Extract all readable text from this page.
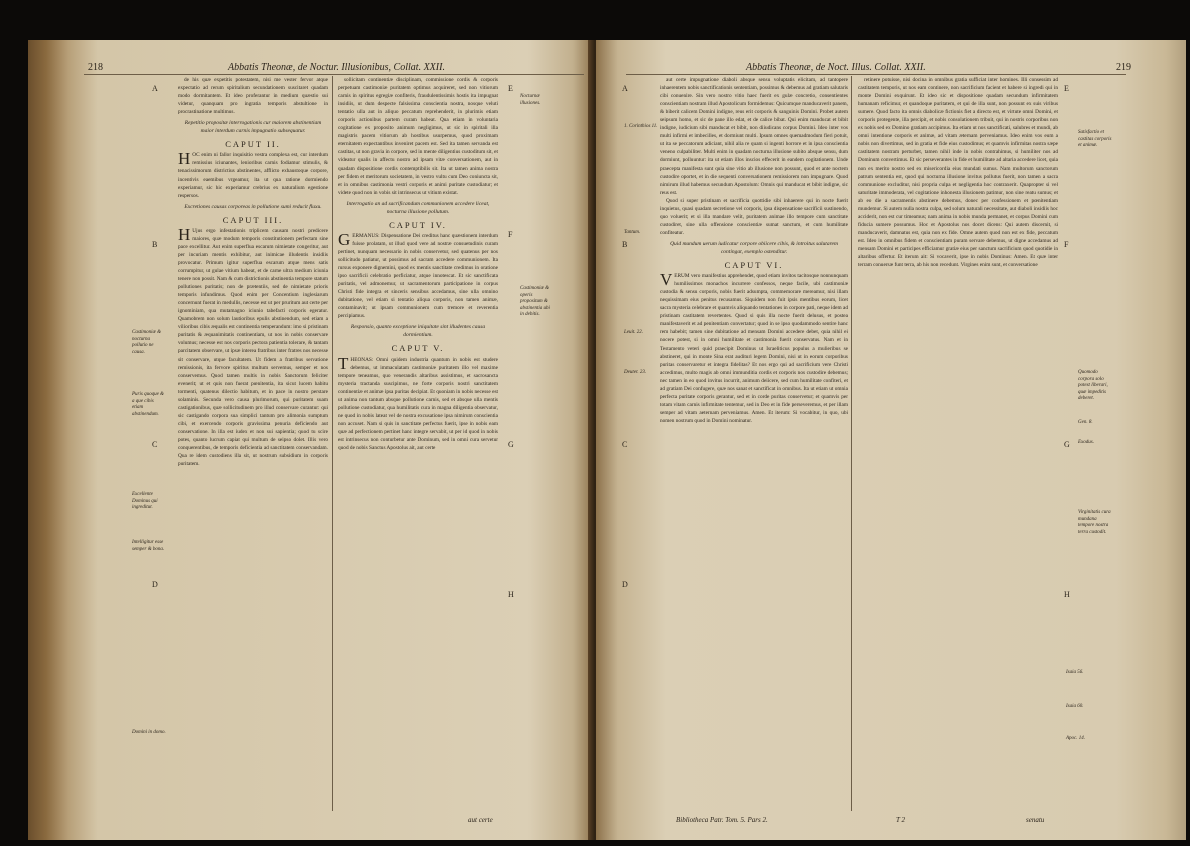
218	Abbatis Theonæ, de Noctur. Illusionibus, Collat. XXII.
A
B
C
D
Castimoniæ & nocturna pollutio ne causa.
Puris quoque & a que cibis etiam abstinendum.
Excellente Dominus qui ingreditur.
Intelligitur esse semper & bona.
Domini in domo.
de his quæ expetitis potestatem, nisi me vester fervor atque expectatio ad rerum spiritalium secundationem suscitaret quadam modo dormitantem. Et ideo proferantur in medium quæstio sui videtur, quanquam pro ingratia temporis abstultione in procrastinatione multimus.
Repetitio propositæ interrogationis cur maiorem abstinentiam maior interdum carnis impugnatio subsequatur.
CAPUT II.
HOC enim ni fallor inquisitio vestra complexa est, cur interdum remissius iciunantes, lenioribus carnis fodiamur stimulis, & tenacissimorum districtius abstinentes, afflicto exhaustoque corpore, incentivis eaemibus vrgeamur, ita ut qua ratione dormiendo experiamur, sic hic experiamur crebrius ex naturalium egestione respersos.
Excretiones causas corporeas in pollutione sumi reducit fluxu.
CAPUT III.
H Ujus ergo infestationis triplicem causam nostri predicere maiores, quæ modum temporis constitutionem perfectam sine pace excellitur. Aut enim superflua escarum nimietate congeritur, aut per incuriam mentis exhibitur, aut inimicae illudentis insidiis provocatur. Primum igitur superflua escarum atque mens satis corrumpitur, ut gulae vitium habeat, et de carne ultra medium iciunia tenere non possit. Nam & cum districtionis abstinentia tempore statum pollutiones puritatis; non de prætentiis, sed de nimietate prioris temporis infundimus. Quod enim per Concentium inglesiarum concernunt fuerat in medullis, necesse est ut per pruritum aut certe per ignominiam, qua mutamagno iciunio tabefacti corporis egeratur. Quamobrem non solum lautioribus epulis abstinendum, sed etiam a vilioribus cibis æqualis est continentia temperandum: imo si pristinam puritatis & æquanimitatis continentiam, ut nos in nobis conservare volumus; necesse est nos corporis pectora patientia tolerare, & tantam parcitatem observare, ut ipsæ interea fratribus inter fratres nos necesse sit conservare, utque facultatem. Ut fidem a fratribus servatione remissionis, ita fervore spiritus multum servemus, semper et nos conservemus. Quod tamen multis in nobis Sanctorum feliciter evenerit; ut et quis non fuerat pœnitentia, ita sicut lucem habitu tormenti, quatenus dilectio habitum, et in pace in nostro perstare solaminis. Secunda vero causa plurimorum, qui puritatem suam castigationibus, quæ sollicitudinem pro illud conservare curantur: qui sic castigando corpora sua simplici tantum pro alimonia sumptum cibi, et exercendo corporis gravissima penuria deficiendo aut conservatione. In illa est iudex et non sui sapientia; quod tu scire potes, quanto lucrum capiat qui multum de seipso dolet. Illis vero conquerentibus, de temporis deficientia ad sanctitatem conservandam. Qua re idem custodiens illa sit, ut nostrum subsidium in corporis puritatem.
sollicitam continentiæ disciplinam, commissione cordis & corporis perpetuam castimoniæ puritatem optimus acquireret, sed non vitiorum carnis in spiritus egregiæ confiteris, fraudulentissimis hostis ita impugnat insidiis, ut dum despecte falsissima conscientia nostra, nosque veluti tentatio ulla aut in aliquo peccatum reprehenderit, in plurimis etiam corporis actionibus partem curam habeat. Qua etiam in voluntaria cogitatione ex proposito animum negligimus, ut sic in spiritali illa magistris pacem vitiorum ab hostibus usurpemus, quod proximam eternitatem expectantibus inveniret pacem est. Sed ita tamen servanda est castitas, ut non gravia in corpore, sed in mente diligentius custoditum sit, et videatur qualis in affectu nostro ad ipsam vitæ conversationem, aut in quadam dispositione cordis contemptibilis sit. Ita ut tamen anima nostra per fidem et meritorum societatem, in vestro vultu cum Deo coniuncta sit, et in omnibus castimonia vestri corporis et animi puritate custodiatur; et videte quod non in vobis sit intrinsecus ut vitium existat.
Interrogatio an ad sacrificandum communionem accedere liceat, nocturna illusione pollutum.
CAPUT IV.
GERMANUS: Dispensatione Dei creditus hanc quæstionem interdum fuisse prolatam, ut illud quod vere ad nostræ consuetudinis curam pertinet, nunquam necessario in nobis conservetur, sed quatenus per nos sollicitudo patiatur, ut possimus ad sacram accedere communionem. Ita rursus exponere dignemini, quod ex mentis sanctitate credimus in oratione ipso sacrificii celebratio perficiatur, atque innotescat. Et sic sanctificata puritatis, vel admonemur, ut sacramentorum participatione in corpus Christi fide integra et sinceris sensibus accedamus, sine ulla omnino dubitatione, vel etiam si tentatio aliqua corporis, non tamen animæ, contaminavit; ut ipsam communionem cum tremore et reverentia percipiamus.
Responsio, quanto exceptione iniquitate sint illudentes causa dormientium.
CAPUT V.
THEONAS: Omni quidem industria quantum in nobis est studere debemus, ut immaculatam castimoniæ puritatem illo vel maxime tempore teneamus, quo venerandis altaribus assistimus, et sacrosancta mysteria tractanda suscipimus, ne forte corporis nostri sanctitatem continentiæ et animæ ipsa puritas decipiat. Et quoniam in nobis necesse est ut anima non tantum absque pollutione carnis, sed et absque ulla mentis pollutione custodiatur, qua humilitatis cura in magna diligentia observatur, ne quod in nobis lateat vel de nostra excusatione ipsa nimirum conscientia non accuset. Nam si quis in sanctitate perfectus fuerit, ipse in nobis eam quæ ad perfectionem pertinet hanc integre servabit, ut per id quod in nobis est intrinsecus non conturbetur ante Dominum, sed in omni cura servetur quod de nobis Sanctus Apostolus ait, aut certe
E
F
G
H
Nocturnæ illusiones.
Castimoniæ & operis propositum & abstinentia ubi in debitis.
aut certe
Abbatis Theonæ, de Noct. Illus. Collat. XXII.	219
A
B
C
D
1. Corinthios 11.
Tantum.
Leuit. 22.
Deuter. 23.
aut certe impugnatione diaboli absque sensu voluptatis elicitam, ad tantopere inhaerentem nobis sanctificationis sententiam, possimus & debemus ad gratiam salutaris cibi conuenire. Sin vero nostro vitio haec fuerit ex gulæ concretio, consentientes conscientiam nostram illud Apostolicum formidemus: Quicumque manducaverit panem, & biberit calicem Domini indigne, reus erit corporis & sanguinis Domini. Probet autem seipsum homo, et sic de pane illo edat, et de calice bibat. Qui enim manducat et bibit indigne, iudicium sibi manducat et bibit, non diiudicans corpus Domini. Ideo inter vos multi infirmi et imbecilles, et dormiunt multi. Ipsum omnes quemadmodum fieri potuit, ut ita se peccatorum adiciant, nihil alia re quam si ingenti horrore et in ipsa conscientia veneno culpabiliter. Multi enim in quadam nocturna illusione subito absque sensu, dum dormiunt, polluuntur: ita ut etiam illos inscios effecerit in eandem cogitationem. Unde praecepta manifesta sunt quia sine vitio ab illusione non possunt, quod et ante noctem custodire oportet, et in die sequenti conversationem remissiorem non impugnare. Quod nimirum illud habemus secundum Apostolum: Omnis qui manducat et bibit indigne, sic reus est.
Quod si super pristinam et sacrificia quottidie sibi inhaerere qui in nocte fuerit inquietus, quasi quadam secretione vel corporis, ipsa dispensatione sacrificii sustinendo, quo voluerit; et si illa mandare velit, puritatem animae illo tempore cum sanctitate custodiret, sine ulla offensione conscientiæ sumat sanctum, et cum humilitate confiteatur.
Quid mundum uerum iudicatur corpore obiicere cibis, & introitus salutarem contingat, exemplo ostenditur.
CAPUT VI.
VERUM vero manifestius apprehendet, quod etiam invitos tacitosque nonnunquam humilissimos monachos incurrere confessos, neque facile, ubi castimoniæ custodia & sensu corporis, nobis fuerit adsumpta, commemorare mereamur, nisi illam nequissimam eius penitus recusamus. Siquidem non fuit ipsis mentibus eorum, licet sacra mysteria celebrare et quamvis aliquando tentationes in corpore pati, neque idem ad pristinam castitatem revertentes. Quod si quis illa nocte fuerit delusus, et postea manifestaverit et ad penitentiam convertatur; quod in se ipso quodammodo sentire hanc rem habebit; tamen sine dubitatione ad mensam Domini accedere debet, quia nihil ei nocere potest, si in omni humilitate et castimonia fuerit conservatus. Nam et in Testamento veteri quid praecipit Dominus ut Israeliticus populus a mulieribus se abstineret, qui in monte Sina erat audituri legem Domini, nisi ut in eorum corporibus puritas conservaretur et integra fidelitas? Et nos ergo qui ad sacrificium vere Christi accedimus, multo magis ab omni immunditia cordis et corporis nos custodire debemus; nec tamen in eo quod invitus incurrit, animum deiicere, sed cum humilitate confiteri, et ad gratiam Dei confugere, quæ nos sanat et sanctificat in omnibus. Ita ut etiam ut omnia perfecta puritate corporis gerantur, sed et in corde puritas conservetur; et quamvis per totam vitam carnis infirmitate tentemur, sed in Deo et in fide perseveremus, et per illam semper ad vitam aeternam perveniamus. Amen. Et iterum: Si vocabitur, in quo, ubi nomen nostrum quod in Domini nominatur.
retinere potuisse, nisi docina in omnibus gratia sufficiat inter homines. Illi consessim ad castitatem temporis, ut nos eam continere, non sacrificium facient et habere si ingredi qui in monte Domini exquirunt. Et ideo sic et dispositione quadam secundum infirmitatem humanam reficimur, et quandoque puritatem, et qui de illa sunt, non possunt ex suis viribus sumere. Quod facto ita omnis diabolicæ fictionis fiet a directo est, et virtute omni Domini, et corporis protegente, illa percipit, et nobis consolationem tribuit, qui in nostris corporibus non ex nobis sed ex Domino gratiam accipimus. Ita etiam ut nos sanctificati, salubres et mundi, ab omni intentione corporis et animæ, ad vitam æternam perveniamus. Ideo enim vos eum a nobis non divertimus, sed in gratia et fide eius custodimus; et quamvis infirmitas nostra sæpe castitatem nostram perturbet, tamen nihil inde in nobis contrahimus, si humiliter nos ad Dominum convertimus. Et sic perseverantes in fide et humilitate ad altaria accedere licet, quia non ex merito nostro sed ex misericordia eius mundati sumus. Nam multorum sanctorum patrum sententia est, quod qui nocturna illusione invitus pollutus fuerit, non tamen a sacra communione excluditur, nisi propria culpa et negligentia hoc contraxerit. Quapropter si vel saturitate immoderata, vel cogitatione inhonesta illusionem patimur, non sine reatu sumus; et ab eo die a sacramentis abstinere debemus, donec per confessionem et pœnitentiam mundemur. Si autem nulla nostra culpa, sed solum naturali necessitate, aut diaboli insidiis hoc acciderit, non est cur timeamus; nam anima in nobis munda permanet, et corpus Domini cum fiducia sumere possumus. Hoc et Apostolus nos docet dicens: Qui autem discernit, si manducaverit, damnatus est, quia non ex fide. Omne autem quod non est ex fide, peccatum est. Ideo in omnibus fidem et conscientiam puram servare debemus, ut digne accedamus ad mensam Domini et participes efficiamur gratiæ eius per sanctum sacrificium quod quotidie in altaribus offertur. Et iterum ait: Si vocaverit, ipse in nobis Dominus: Amen. Et quæ inter terram conuersæ funt terra, ab his non recedunt. Virgines enim sunt, et conversatione
E
F
G
H
Satisfactio et castitas corporis et animæ.
Quomodo corpora solo potest liberari, quæ impeditis deberet.
Gen. 8.
Exodus.
Virginitatis cura mundana tempore nostra terra custodit.
Isaia 56.
Isaia 60.
Apoc. 14.
Bibliotheca Patr. Tom. 5. Pars 2.	T 2	senatu
